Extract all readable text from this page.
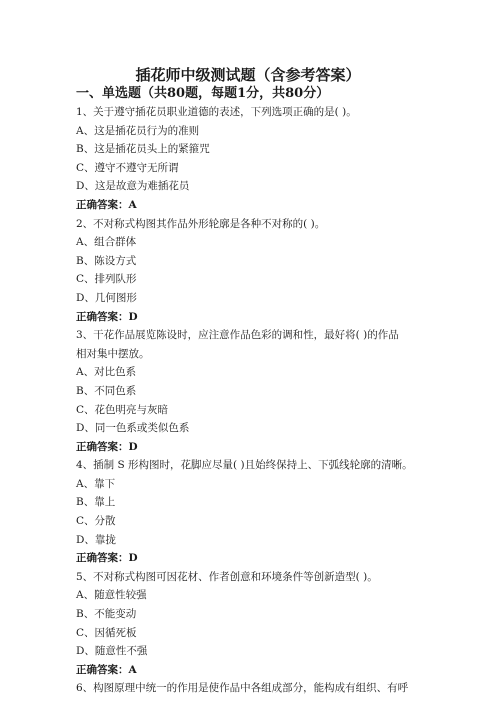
插花师中级测试题（含参考答案）
一、单选题（共80题，每题1分，共80分）
1、关于遵守插花员职业道德的表述，下列选项正确的是( )。
A、这是插花员行为的准则
B、这是插花员头上的紧箍咒
C、遵守不遵守无所谓
D、这是故意为难插花员
正确答案：A
2、不对称式构图其作品外形轮廓是各种不对称的( )。
A、组合群体
B、陈设方式
C、排列队形
D、几何图形
正确答案：D
3、干花作品展览陈设时，应注意作品色彩的调和性，最好将( )的作品
相对集中摆放。
A、对比色系
B、不同色系
C、花色明亮与灰暗
D、同一色系或类似色系
正确答案：D
4、插制 S 形构图时，花脚应尽量( )且始终保持上、下弧线轮廓的清晰。
A、靠下
B、靠上
C、分散
D、靠拢
正确答案：D
5、不对称式构图可因花材、作者创意和环境条件等创新造型( )。
A、随意性较强
B、不能变动
C、因循死板
D、随意性不强
正确答案：A
6、构图原理中统一的作用是使作品中各组成部分，能构成有组织、有呼
